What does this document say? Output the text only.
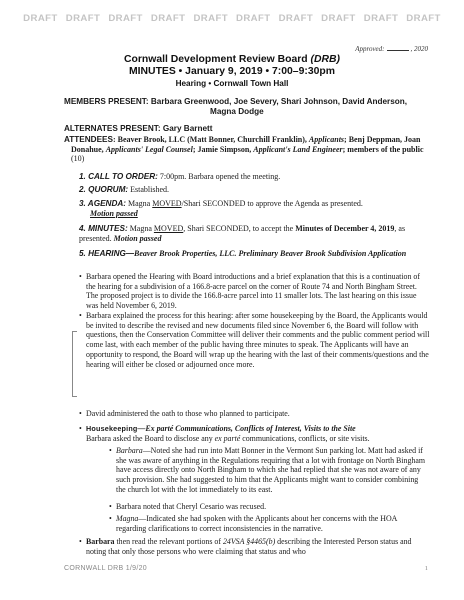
DRAFT DRAFT DRAFT DRAFT DRAFT DRAFT DRAFT DRAFT DRAFT DRAFT
Approved:	, 2020
Cornwall Development Review Board (DRB)
MINUTES • January 9, 2019 • 7:00–9:30pm
Hearing • Cornwall Town Hall
MEMBERS PRESENT: Barbara Greenwood, Joe Severy, Shari Johnson, David Anderson,
Magna Dodge
ALTERNATES PRESENT: Gary Barnett
ATTENDEES: Beaver Brook, LLC (Matt Bonner, Churchill Franklin), Applicants; Benj Deppman, Joan Donahue, Applicants' Legal Counsel; Jamie Simpson, Applicant's Land Engineer; members of the public (10)
1. CALL TO ORDER: 7:00pm. Barbara opened the meeting.
2. QUORUM: Established.
3. AGENDA: Magna MOVED/Shari SECONDED to approve the Agenda as presented.
Motion passed
4. MINUTES: Magna MOVED, Shari SECONDED, to accept the Minutes of December 4, 2019, as presented. Motion passed
5. HEARING—Beaver Brook Properties, LLC. Preliminary Beaver Brook Subdivision Application
• Barbara opened the Hearing with Board introductions and a brief explanation that this is a continuation of the hearing for a subdivision of a 166.8-acre parcel on the corner of Route 74 and North Bingham Street. The proposed project is to divide the 166.8-acre parcel into 11 smaller lots. The last hearing on this issue was held November 6, 2019.
• Barbara explained the process for this hearing: after some housekeeping by the Board, the Applicants would be invited to describe the revised and new documents filed since November 6, the Board will follow with questions, then the Conservation Committee will deliver their comments and the public comment period will come last, with each member of the public having three minutes to speak. The Applicants will have an opportunity to respond, the Board will wrap up the hearing with the last of their comments/questions and the hearing will either be closed or adjourned once more.
• David administered the oath to those who planned to participate.
• Housekeeping—Ex parté Communications, Conflicts of Interest, Visits to the Site
Barbara asked the Board to disclose any ex parté communications, conflicts, or site visits.
• Barbara—Noted she had run into Matt Bonner in the Vermont Sun parking lot. Matt had asked if she was aware of anything in the Regulations requiring that a lot with frontage on North Bingham have access directly onto North Bingham to which she had replied that she was not aware of any such provision. She had suggested to him that the Applicants might want to consider combining the church lot with the lot immediately to its east.
• Barbara noted that Cheryl Cesario was recused.
• Magna—Indicated she had spoken with the Applicants about her concerns with the HOA regarding clarifications to correct inconsistencies in the narrative.
• Barbara then read the relevant portions of 24VSA §4465(b) describing the Interested Person status and noting that only those persons who were claiming that status and who
CORNWALL DRB 1/9/20	1
